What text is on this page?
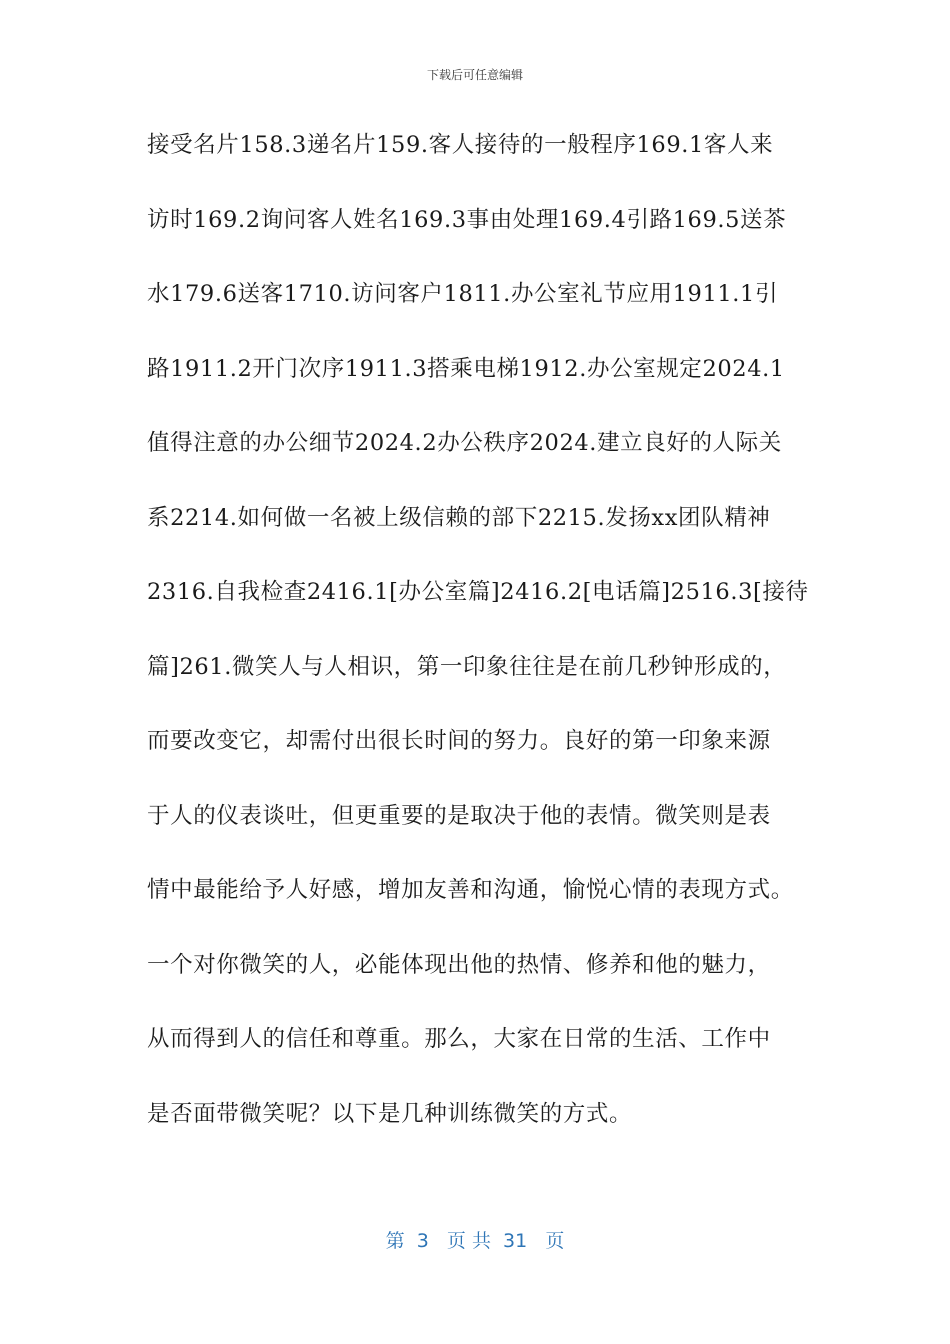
下载后可任意编辑
接受名片158.3递名片159.客人接待的一般程序169.1客人来
访时169.2询问客人姓名169.3事由处理169.4引路169.5送茶
水179.6送客1710.访问客户1811.办公室礼节应用1911.1引
路1911.2开门次序1911.3搭乘电梯1912.办公室规定2024.1
值得注意的办公细节2024.2办公秩序2024.建立良好的人际关
系2214.如何做一名被上级信赖的部下2215.发扬xx团队精神
2316.自我检查2416.1[办公室篇]2416.2[电话篇]2516.3[接待
篇]261.微笑人与人相识，第一印象往往是在前几秒钟形成的，
而要改变它，却需付出很长时间的努力。良好的第一印象来源
于人的仪表谈吐，但更重要的是取决于他的表情。微笑则是表
情中最能给予人好感，增加友善和沟通，愉悦心情的表现方式。
一个对你微笑的人，必能体现出他的热情、修养和他的魅力，
从而得到人的信任和尊重。那么，大家在日常的生活、工作中
是否面带微笑呢？以下是几种训练微笑的方式。
第  3   页 共  31   页
